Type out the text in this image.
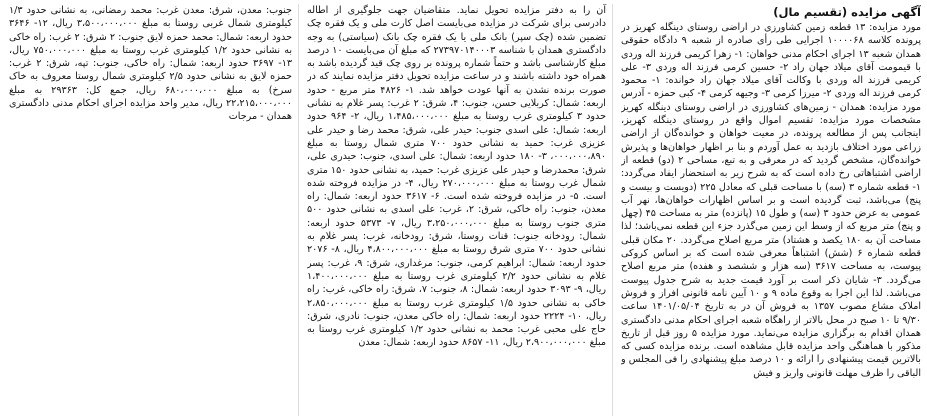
آگهی مزایده (تقسیم مال)

مورد مزایده: ۱۳ قطعه زمین کشاورزی در اراضی روستای دینگله کهریز در پرونده کلاسه ۱۰۰۰۰۶۸ اجرایی طی رأی صادره از شعبه ۹ دادگاه حقوقی همدان شعبه ۱۳ اجرای احکام مدنی خواهان: ۱- زهرا کریمی فرزند اله وردی با قیمومت آقای میلاد جهان راد ۲- حسین کرمی فرزند اله وردی ۳- علی کریمی فرزند اله وردی با وکالت آقای میلاد جهان راد خوانده: ۱- محمود کرمی فرزند اله وردی ۲- میرزا کرمی ۳- وجیهه کرمی ۴- کبی حمزه - آدرس مورد مزایده: همدان - زمین‌های کشاورزی در اراضی روستای دینگله کهریز مشخصات مورد مزایده: تقسیم اموال واقع در روستای دینگله کهریز، اینجانب پس از مطالعه پرونده، در معیت خواهان و خوانده‌گان از اراضی زراعی مورد اختلاف بازدید به عمل آوردم و بنا بر اظهار خواهان‌ها و پذیرش خوانده‌گان، مشخص گردید که در معرفی و به تبع، مساحی ۲ (دو) قطعه از اراضی اشتباهاتی رخ داده است که به شرح زیر به استحضار ایفاد می‌گردد: ۱- قطعه شماره ۳ (سه) با مساحت قبلی که معادل ۲۲۵ (دویست و بیست و پنج) می‌باشد، ثبت گردیده است و بر اساس اظهارات خواهان‌ها، نهر آب عمومی به عرض حدود ۳ (سه) و طول ۱۵ (پانزده) متر به مساحت ۴۵ (چهل و پنج) متر مربع که از وسط این زمین می‌گذرد جزء این قطعه نمی‌باشد؛ لذا مساحت آن به ۱۸۰ یکصد و هشتاد) متر مربع اصلاح می‌گردد. ۲۰ مکان قبلی قطعه شماره ۶ (شش) اشتباهاً معرفی شده است که بر اساس کروکی پیوست، به مساحت ۳۶۱۷ (سه هزار و ششصد و هفده) متر مربع اصلاح می‌گردد. ۳- شایان ذکر است بر آورد قیمت جدید به شرح جدول پیوست می‌باشد. لذا این اجرا به وقوع ماده ۹ و ۱۰ آیین نامه قانونی افراز و فروش املاک مشاع مصوب ۱۳۵۷ به فروش آن در به تاریخ ۱۴۰۱/۰۵/۰۴ ساعت ۹/۳۰ تا ۱۰ صبح در محل بالاتر از راهگاه شعبه اجرای احکام مدنی دادگستری همدان اقدام به برگزاری مزایده می‌نماید. مورد مزایده ۵ روز قبل از تاریخ مذکور با هماهنگی واحد مزایده قابل مشاهده است. برنده مزایده کسی که بالاترین قیمت پیشنهادی را ارائه و ۱۰ درصد مبلغ پیشنهادی را فی المجلس و الباقی را ظرف مهلت قانونی واریز و فیش

آن را به دفتر مزایده تحویل نماید. متقاضیان جهت جلوگیری از اطاله دادرسی برای شرکت در مزایده می‌بایست اصل کارت ملی و یک فقره چک تضمین شده (چک سپر) بانک ملی یا یک فقره چک بانک (سیاستی) به وجه دادگستری همدان با شناسه ۲۷۳۹۷۰۱۴۰۰۰۳ که مبلغ آن می‌بایست ۱۰ درصد مبلغ کارشناسی باشد و حتماً شماره پرونده بر روی چک قید گردیده باشد به همراه خود داشته باشند و در ساعت مزایده تحویل دفتر مزایده نمایند که در صورت برنده نشدن به آنها عودت خواهد شد. ۱- ۴۸۲۶ متر مربع - حدود اربعه: شمال: کربلایی حسن، جنوب: ۴، شرق: ۲ غرب: پسر غلام به نشانی حدود ۳ کیلومتری غرب روستا به مبلغ ۱،۴۸۵،۰۰۰،۰۰۰ ریال، ۲- ۹۶۴ حدود اربعه: شمال: علی اسدی جنوب: حیدر علی، شرق: محمد رضا و حیدر علی عزیزی غرب: حمید به نشانی حدود ۷۰۰ متری شمال روستا به مبلغ ۰۰۰،۰۰۰،۸۹۰، ۳- ۱۸۰ حدود اربعه: شمال: علی اسدی، جنوب: حیدری علی، شرق: محمدرضا و حیدر علی عزیزی غرب: حمید، به نشانی حدود ۱۵۰ متری شمال غرب روستا به مبلغ ۲۷۰،۰۰۰،۰۰۰ ریال، ۴- در مزایده فروخته شده است. ۵- در مزایده فروخته شده است. ۶- ۳۶۱۷ حدود اربعه: شمال: راه معدن، جنوب: راه خاکی، شرق: ۲، غرب: علی اسدی به نشانی حدود ۵۰۰ متری جنوب روستا به مبلغ ۳،۲۵۰،۰۰۰،۰۰۰ ریال، ۷- ۵۳۷۳ حدود اربعه: شمال: رودخانه جنوب: قنات روستا، شرق: رودخانه، غرب: پسر غلام به نشانی حدود ۷۰۰ متری شرق روستا به مبلغ ۴،۸۰۰،۰۰۰،۰۰۰ ریال، ۸- ۲۰۷۶ حدود اربعه: شمال: ابراهیم کرمی، جنوب: مرغداری، شرق: ۹، غرب: پسر غلام به نشانی حدود ۲/۲ کیلومتری غرب روستا به مبلغ ۱،۴۰۰،۰۰۰،۰۰۰ ریال، ۹- ۳۰۹۳ حدود اربعه: شمال: ۸، جنوب: ۷، شرق: راه خاکی، غرب: راه خاکی به نشانی حدود ۱/۵ کیلومتری غرب روستا به مبلغ ۲،۸۵۰،۰۰۰،۰۰۰ ریال، ۱۰- ۲۲۲۴ حدود اربعه: شمال: راه خاکی معدن، جنوب: نادری، شرق: حاج علی محبی غرب: محمد به نشانی حدود ۱/۲ کیلومتری غرب روستا به مبلغ ۲،۹۰۰،۰۰۰،۰۰۰ ریال، ۱۱- ۸۶۵۷ حدود اربعه: شمال: معدن

جنوب: معدن، شرق: معدن غرب: محمد رمضانی، به نشانی حدود ۱/۳ کیلومتری شمال غربی روستا به مبلغ ۳،۵۰۰،۰۰۰،۰۰۰ ریال، ۱۲- ۳۶۴۶ حدود اربعه: شمال: محمد حمزه لایق جنوب: ۲ شرق: ۲ غرب: راه خاکی به نشانی حدود ۱/۲ کیلومتری غرب روستا به مبلغ ۷۵۰،۰۰۰،۰۰۰ ریال، ۱۳- ۳۶۹۷ حدود اربعه: شمال: راه خاکی، جنوب: تپه، شرق: ۲ غرب: حمزه لایق به نشانی حدود ۲/۵ کیلومتری شمال روستا معروف به خاک سرخ) به مبلغ ۶۸۰،۰۰۰،۰۰۰ ریال، جمع کل: ۲۹۳۶۳ به مبلغ ۲۲،۲۱۵،۰۰۰،۰۰۰ ریال، مدیر واحد مزایده اجرای احکام مدنی دادگستری همدان - مرجات
